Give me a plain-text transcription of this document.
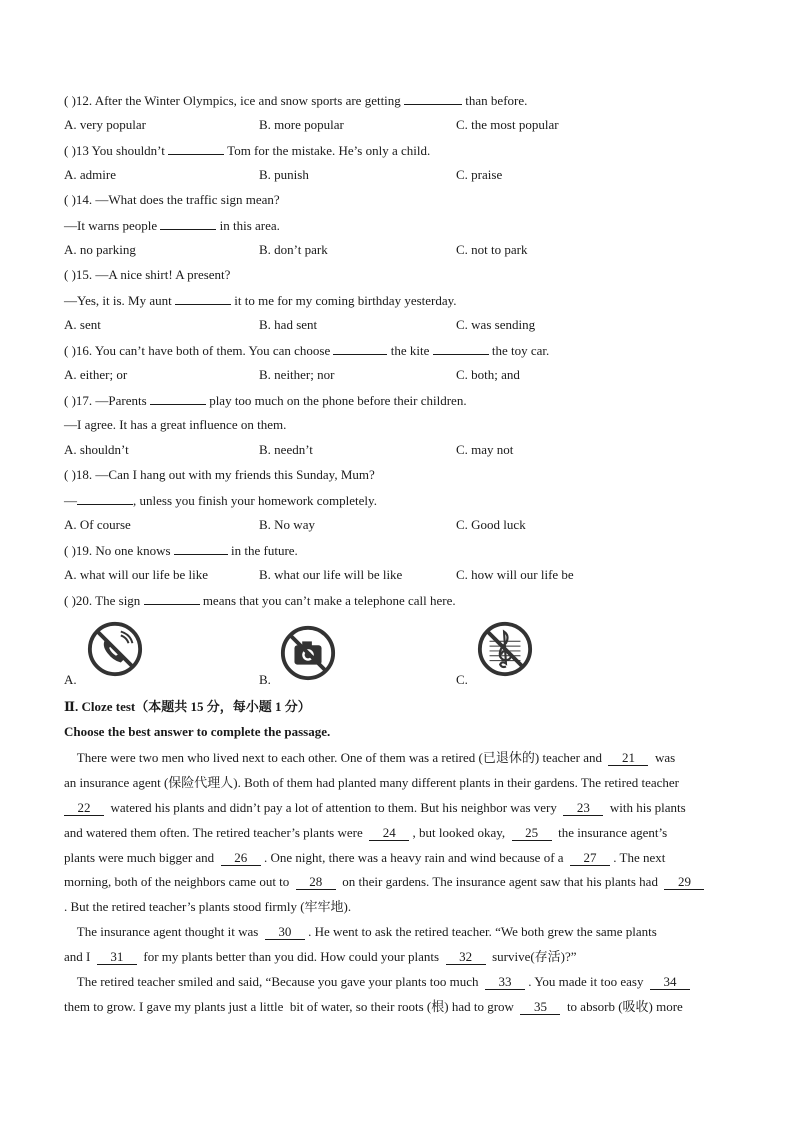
( )12. After the Winter Olympics, ice and snow sports are getting	than before.
A. very popular	B. more popular	C. the most popular
( )13 You shouldn’t	Tom for the mistake. He’s only a child.
A. admire	B. punish	C. praise
( )14. —What does the traffic sign mean?
—It warns people	in this area.
A. no parking	B. don’t park	C. not to park
( )15. —A nice shirt! A present?
—Yes, it is. My aunt	it to me for my coming birthday yesterday.
A. sent	B. had sent	C. was sending
( )16. You can’t have both of them. You can choose	the kite	the toy car.
A. either; or	B. neither; nor	C. both; and
( )17. —Parents	play too much on the phone before their children.
—I agree. It has a great influence on them.
A. shouldn’t	B. needn’t	C. may not
( )18. —Can I hang out with my friends this Sunday, Mum?
—	, unless you finish your homework completely.
A. Of course	B. No way	C. Good luck
( )19. No one knows	in the future.
A. what will our life be like	B. what our life will be like	C. how will our life be
( )20. The sign	means that you can’t make a telephone call here.
A.	B.	C.
Ⅱ. Cloze test（本题共 15 分，每小题 1 分）
Choose the best answer to complete the passage.
There were two men who lived next to each other. One of them was a retired (已退休的) teacher and  21  was
an insurance agent (保险代理人). Both of them had planted many different plants in their gardens. The retired teacher
22  watered his plants and didn’t pay a lot of attention to them. But his neighbor was very  23  with his plants
and watered them often. The retired teacher’s plants were  24 , but looked okay,  25  the insurance agent’s
plants were much bigger and  26 . One night, there was a heavy rain and wind because of a  27 . The next
morning, both of the neighbors came out to  28  on their gardens. The insurance agent saw that his plants had  29
. But the retired teacher’s plants stood firmly (牢牢地).
The insurance agent thought it was  30 . He went to ask the retired teacher. “We both grew the same plants
and I  31  for my plants better than you did. How could your plants  32  survive(存活)?”
The retired teacher smiled and said, “Because you gave your plants too much  33 . You made it too easy  34
them to grow. I gave my plants just a little  bit of water, so their roots (根) had to grow  35  to absorb (吸收) more
